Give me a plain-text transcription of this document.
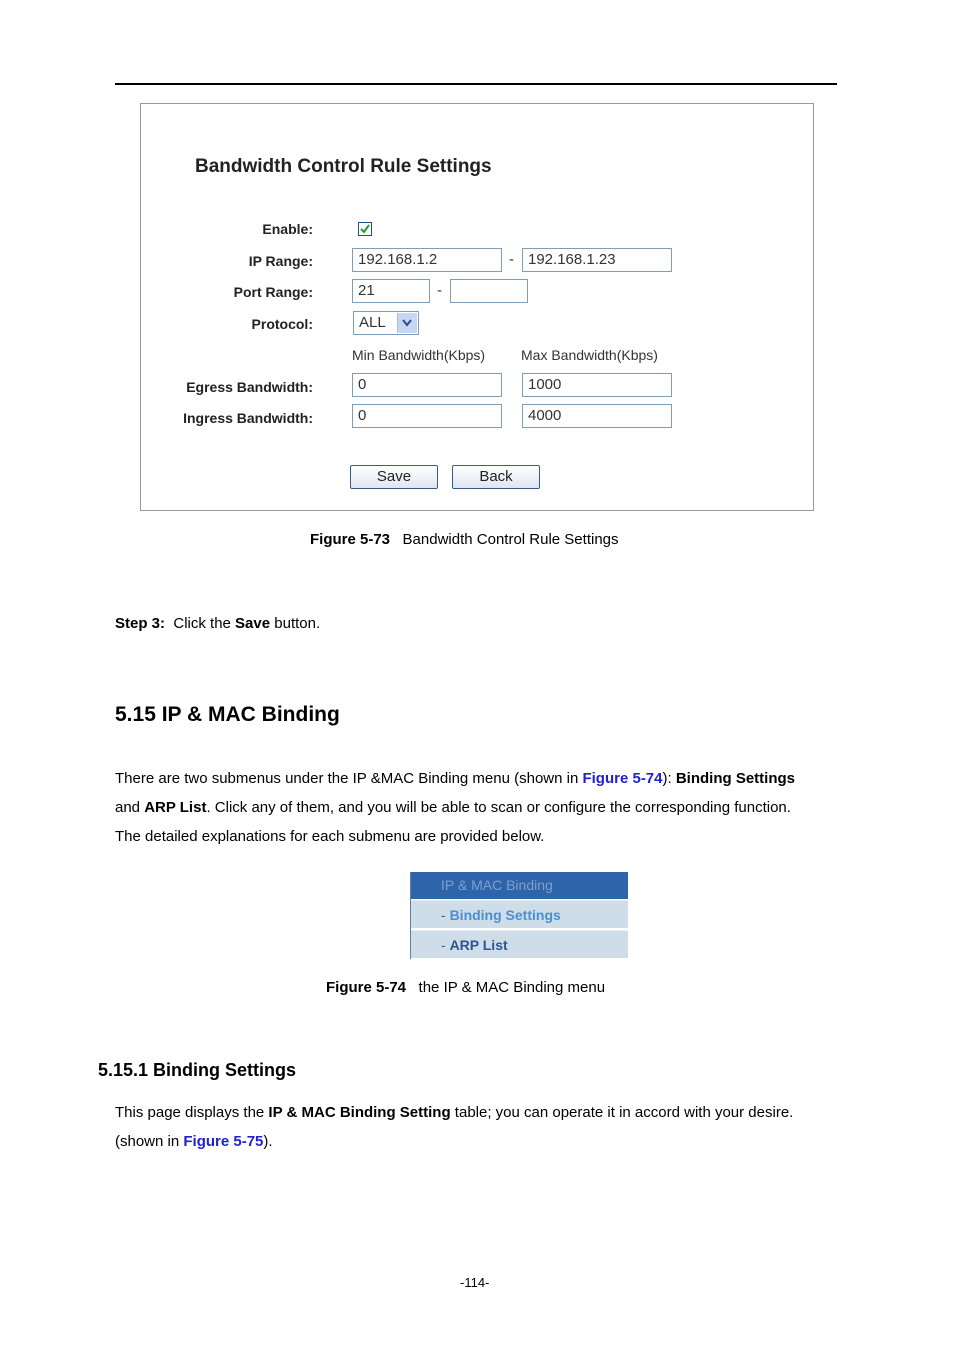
Bandwidth Control Rule Settings
Enable:
IP Range:	192.168.1.2	- 192.168.1.23
Port Range:	21	-
Protocol:	ALL
Min Bandwidth(Kbps)	Max Bandwidth(Kbps)
Egress Bandwidth:	0	1000
Ingress Bandwidth:	0	4000
Save	Back
Figure 5-73 Bandwidth Control Rule Settings
Step 3: Click the Save button.
5.15 IP & MAC Binding
There are two submenus under the IP &MAC Binding menu (shown in Figure 5-74): Binding Settings
and ARP List. Click any of them, and you will be able to scan or configure the corresponding function.
The detailed explanations for each submenu are provided below.
IP & MAC Binding
- Binding Settings
- ARP List
Figure 5-74 the IP & MAC Binding menu
5.15.1 Binding Settings
This page displays the IP & MAC Binding Setting table; you can operate it in accord with your desire.
(shown in Figure 5-75).
-114-
